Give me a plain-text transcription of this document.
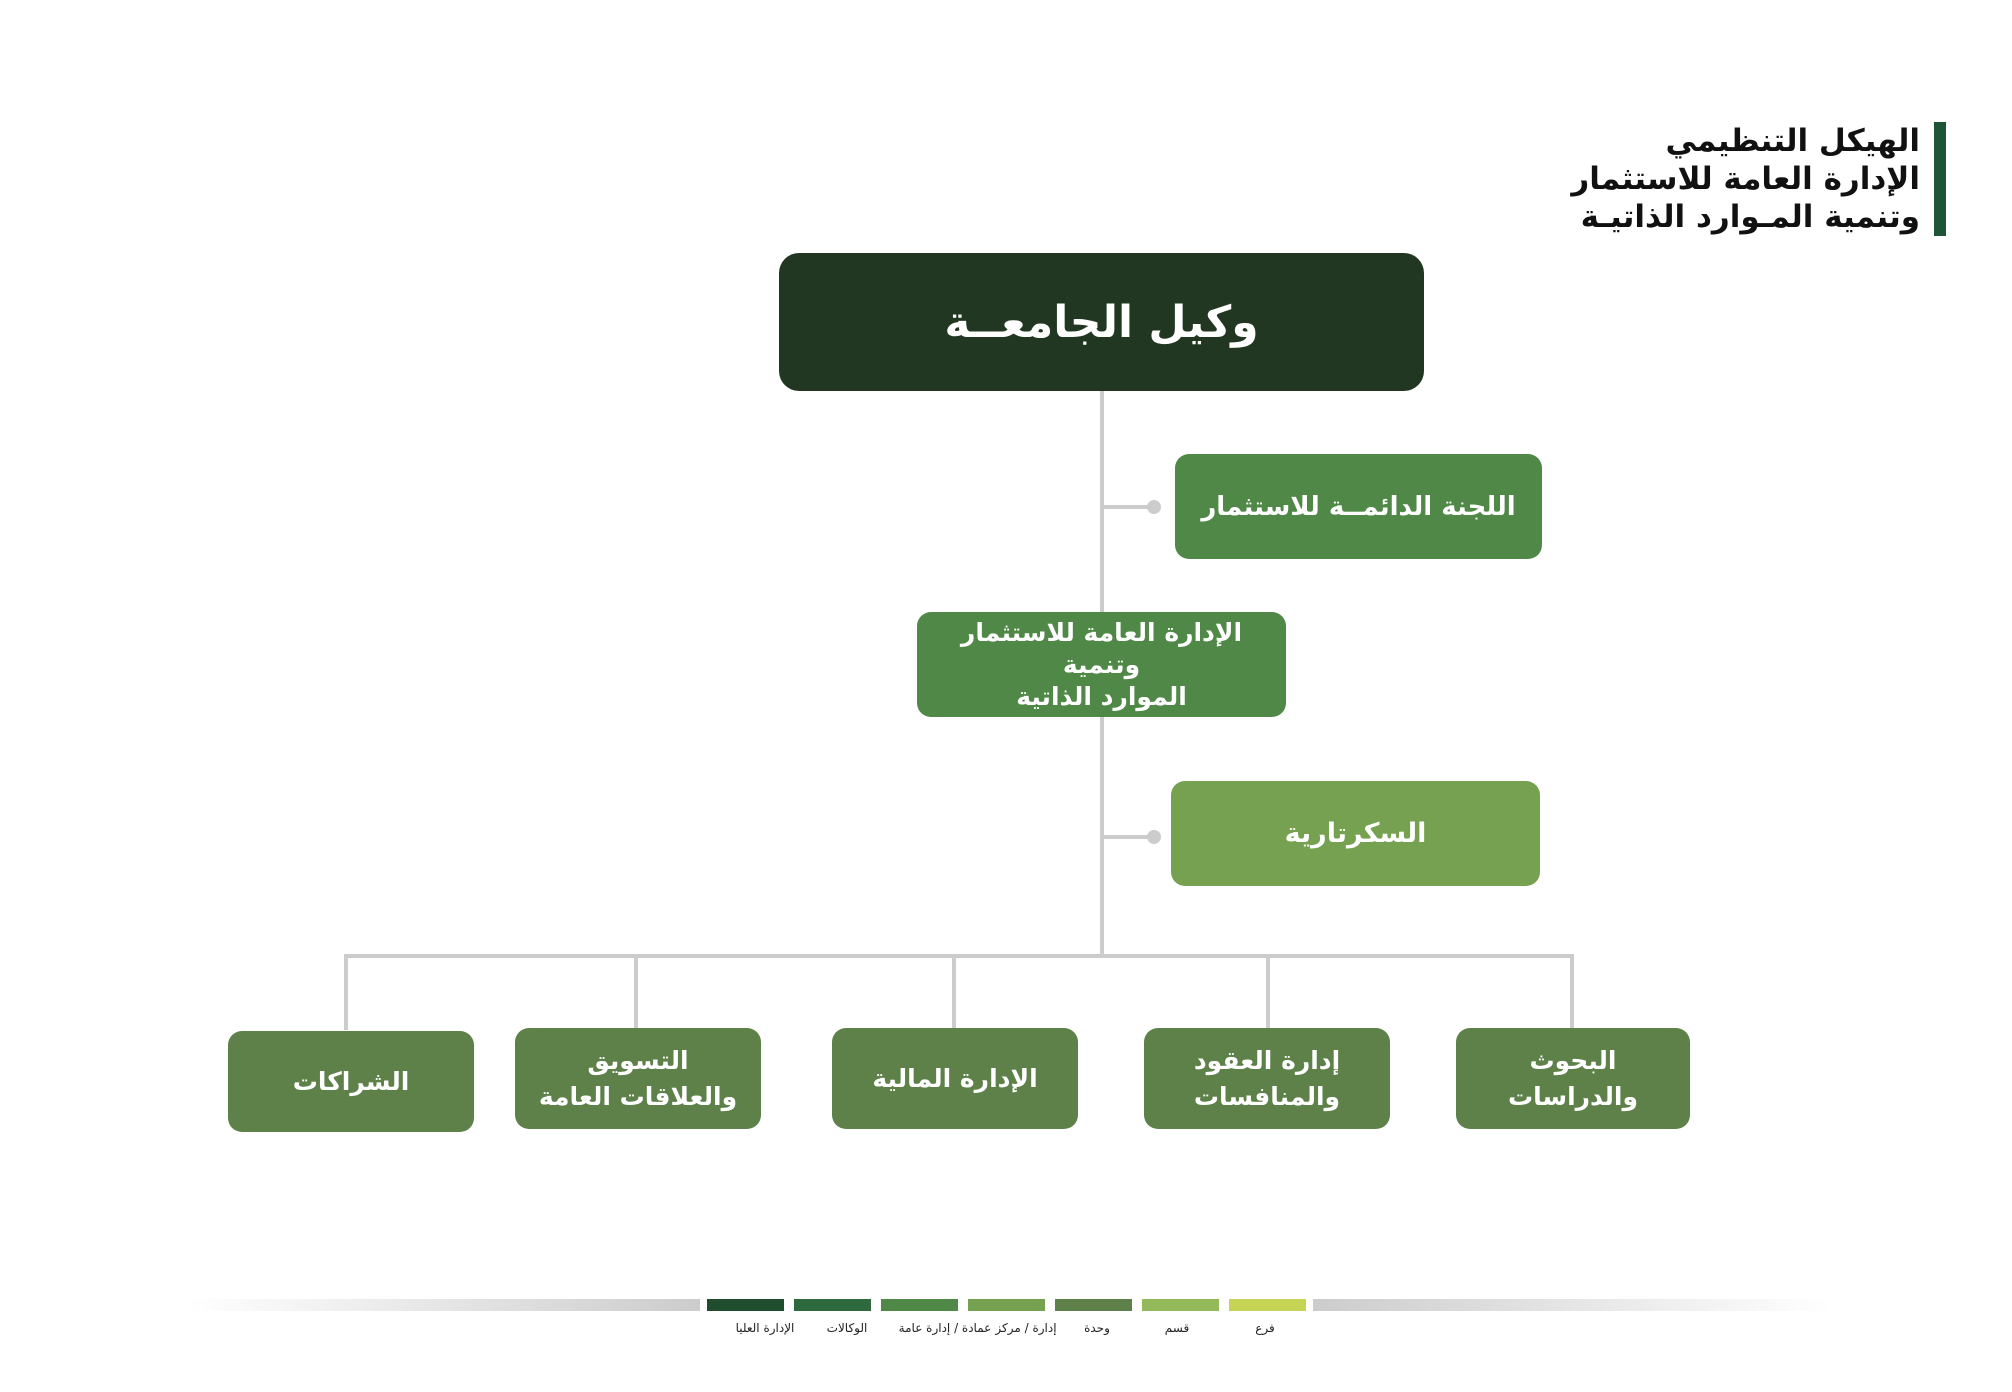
الهيكل التنظيمي
الإدارة العامة للاستثمار
وتنمية المـوارد الذاتيـة
وكيل الجامعــة
اللجنة الدائمــة للاستثمار
الإدارة العامة للاستثمار وتنمية
الموارد الذاتية
السكرتارية
البحوث
والدراسات
إدارة العقود
والمنافسات
الإدارة المالية
التسويق
والعلاقات العامة
الشراكات
الإدارة العليا	الوكالات	عمادة / إدارة عامة إدارة / مركز	وحدة	قسم	فرع
